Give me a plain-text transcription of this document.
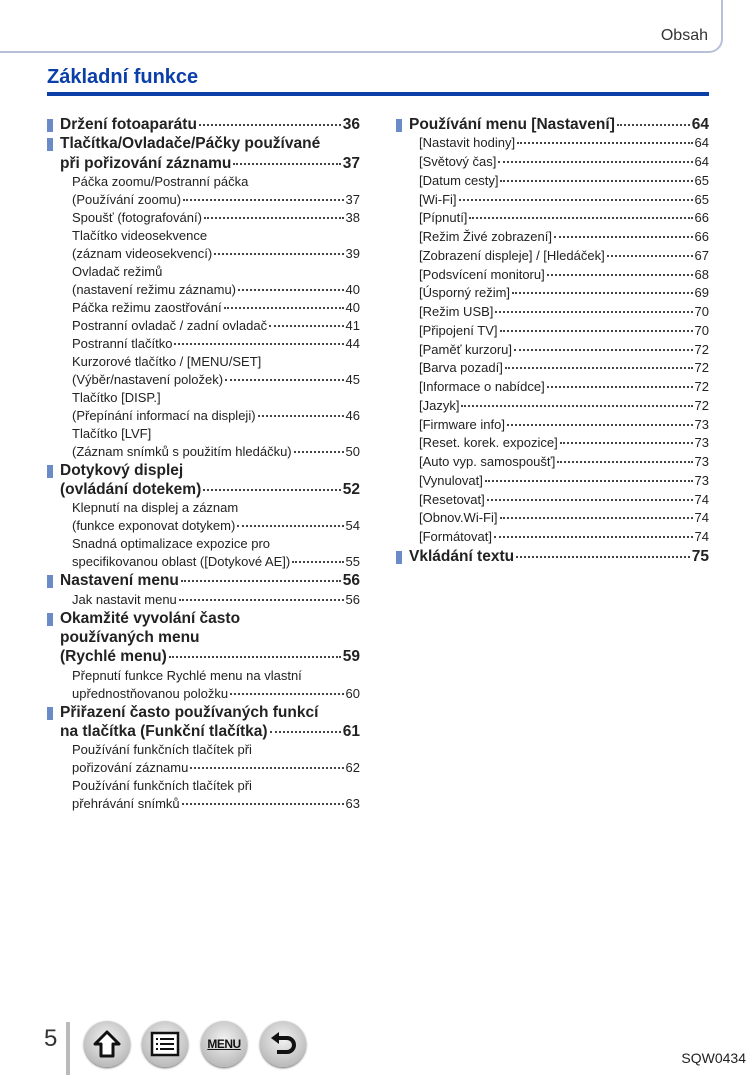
Obsah
Základní funkce
Držení fotoaparátu	36
Tlačítka/Ovladače/Páčky používané
při pořizování záznamu	37
Páčka zoomu/Postranní páčka
(Používání zoomu)	37
Spoušť (fotografování)	38
Tlačítko videosekvence
(záznam videosekvencí)	39
Ovladač režimů
(nastavení režimu záznamu)	40
Páčka režimu zaostřování	40
Postranní ovladač / zadní ovladač	41
Postranní tlačítko	44
Kurzorové tlačítko / [MENU/SET]
(Výběr/nastavení položek)	45
Tlačítko [DISP.]
(Přepínání informací na displeji)	46
Tlačítko [LVF]
(Záznam snímků s použitím hledáčku)	50
Dotykový displej
(ovládání dotekem)	52
Klepnutí na displej a záznam
(funkce exponovat dotykem)	54
Snadná optimalizace expozice pro
specifikovanou oblast ([Dotykové AE])	55
Nastavení menu	56
Jak nastavit menu	56
Okamžité vyvolání často
používaných menu
(Rychlé menu)	59
Přepnutí funkce Rychlé menu na vlastní
upřednostňovanou položku	60
Přiřazení často používaných funkcí
na tlačítka (Funkční tlačítka)	61
Používání funkčních tlačítek při
pořizování záznamu	62
Používání funkčních tlačítek při
přehrávání snímků	63
Používání menu [Nastavení]	64
[Nastavit hodiny]	64
[Světový čas]	64
[Datum cesty]	65
[Wi-Fi]	65
[Pípnutí]	66
[Režim Živé zobrazení]	66
[Zobrazení displeje] / [Hledáček]	67
[Podsvícení monitoru]	68
[Úsporný režim]	69
[Režim USB]	70
[Připojení TV]	70
[Paměť kurzoru]	72
[Barva pozadí]	72
[Informace o nabídce]	72
[Jazyk]	72
[Firmware info]	73
[Reset. korek. expozice]	73
[Auto vyp. samospoušť]	73
[Vynulovat]	73
[Resetovat]	74
[Obnov.Wi-Fi]	74
[Formátovat]	74
Vkládání textu	75
5	MENU
SQW0434
